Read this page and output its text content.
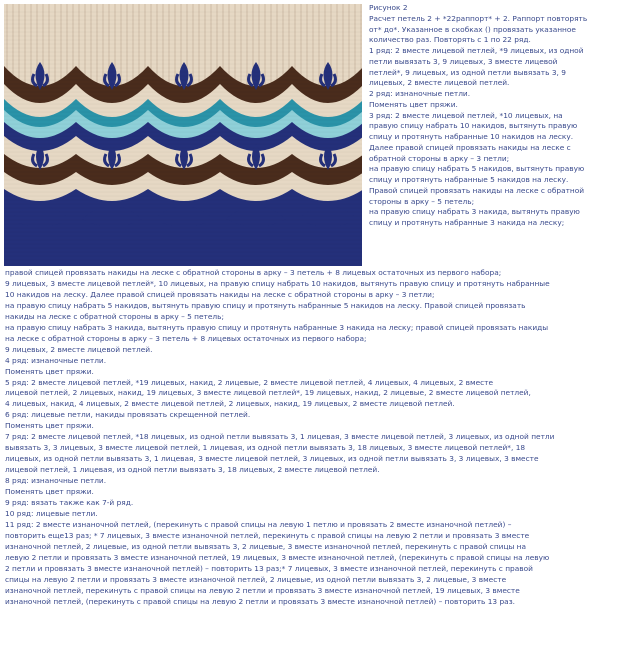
Рисунок 2

Расчет петель 2 + *22раппорт* + 2. Раппорт повторять

от* до*. Указанное в скобках () провязать указанное

количество раз. Повторять с 1 по 22 ряд.

1 ряд: 2 вместе лицевой петлей, *9 лицевых, из одной

петли вывязать 3, 9 лицевых, 3 вместе лицевой

петлей*, 9 лицевых, из одной петли вывязать 3, 9

лицевых, 2 вместе лицевой петлей.

2 ряд: изнаночные петли.

Поменять цвет пряжи.

3 ряд: 2 вместе лицевой петлей, *10 лицевых, на

правую спицу набрать 10 накидов, вытянуть правую

спицу и протянуть набранные 10 накидов на леску.

Далее правой спицей провязать накиды на леске с

обратной стороны в арку – 3 петли;

на правую спицу набрать 5 накидов, вытянуть правую

спицу и протянуть набранные 5 накидов на леску.

Правой спицей провязать накиды на леске с обратной

стороны в арку – 5 петель;

на правую спицу набрать 3 накида, вытянуть правую

спицу и протянуть набранные 3 накида на леску;

правой спицей провязать накиды на леске с обратной стороны в арку – 3 петель + 8 лицевых остаточных из первого набора;

9 лицевых, 3 вместе лицевой петлей*, 10 лицевых, на правую спицу набрать 10 накидов, вытянуть правую спицу и протянуть набранные

10 накидов на леску. Далее правой спицей провязать накиды на леске с обратной стороны в арку – 3 петли;

на правую спицу набрать 5 накидов, вытянуть правую спицу и протянуть набранные 5 накидов на леску. Правой спицей провязать

накиды на леске с обратной стороны в арку – 5 петель;

на правую спицу набрать 3 накида, вытянуть правую спицу и протянуть набранные 3 накида на леску; правой спицей провязать накиды

на леске с обратной стороны в арку – 3 петель + 8 лицевых остаточных из первого набора;

9 лицевых, 2 вместе лицевой петлей.

4 ряд: изнаночные петли.

Поменять цвет пряжи.

5 ряд: 2 вместе лицевой петлей, *19 лицевых, накид, 2 лицевые, 2 вместе лицевой петлей, 4 лицевых, 4 лицевых, 2 вместе

лицевой петлей, 2 лицевых, накид, 19 лицевых, 3 вместе лицевой петлей*, 19 лицевых, накид, 2 лицевые, 2 вместе лицевой петлей,

4 лицевых, накид, 4 лицевых, 2 вместе лицевой петлей, 2 лицевых, накид, 19 лицевых, 2 вместе лицевой петлей.

6 ряд: лицевые петли, накиды провязать скрещенной петлей.

Поменять цвет пряжи.

7 ряд: 2 вместе лицевой петлей, *18 лицевых, из одной петли вывязать 3, 1 лицевая, 3 вместе лицевой петлей, 3 лицевых, из одной петли

вывязать 3, 3 лицевых, 3 вместе лицевой петлей, 1 лицевая, из одной петли вывязать 3, 18 лицевых, 3 вместе лицевой петлей*, 18

лицевых, из одной петли вывязать 3, 1 лицевая, 3 вместе лицевой петлей, 3 лицевых, из одной петли вывязать 3, 3 лицевых, 3 вместе

лицевой петлей, 1 лицевая, из одной петли вывязать 3, 18 лицевых, 2 вместе лицевой петлей.

8 ряд: изнаночные петли.

Поменять цвет пряжи.

9 ряд: вязать также как 7-й ряд.

10 ряд: лицевые петли.

11 ряд: 2 вместе изнаночной петлей, (перекинуть с правой спицы на левую 1 петлю и провязать 2 вместе изнаночной петлей) –

повторить еще13 раз; * 7 лицевых, 3 вместе изнаночной петлей, перекинуть с правой спицы на левую 2 петли и провязать 3 вместе

изнаночной петлей, 2 лицевые, из одной петли вывязать 3, 2 лицевые, 3 вместе изнаночной петлей, перекинуть с правой спицы на

левую 2 петли и провязать 3 вместе изнаночной петлей, 19 лицевых, 3 вместе изнаночной петлей, (перекинуть с правой спицы на левую

2 петли и провязать 3 вместе изнаночной петлей) – повторить 13 раз;* 7 лицевых, 3 вместе изнаночной петлей, перекинуть с правой

спицы на левую 2 петли и провязать 3 вместе изнаночной петлей, 2 лицевые, из одной петли вывязать 3, 2 лицевые, 3 вместе

изнаночной петлей, перекинуть с правой спицы на левую 2 петли и провязать 3 вместе изнаночной петлей, 19 лицевых, 3 вместе

изнаночной петлей, (перекинуть с правой спицы на левую 2 петли и провязать 3 вместе изнаночной петлей) – повторить 13 раз.
